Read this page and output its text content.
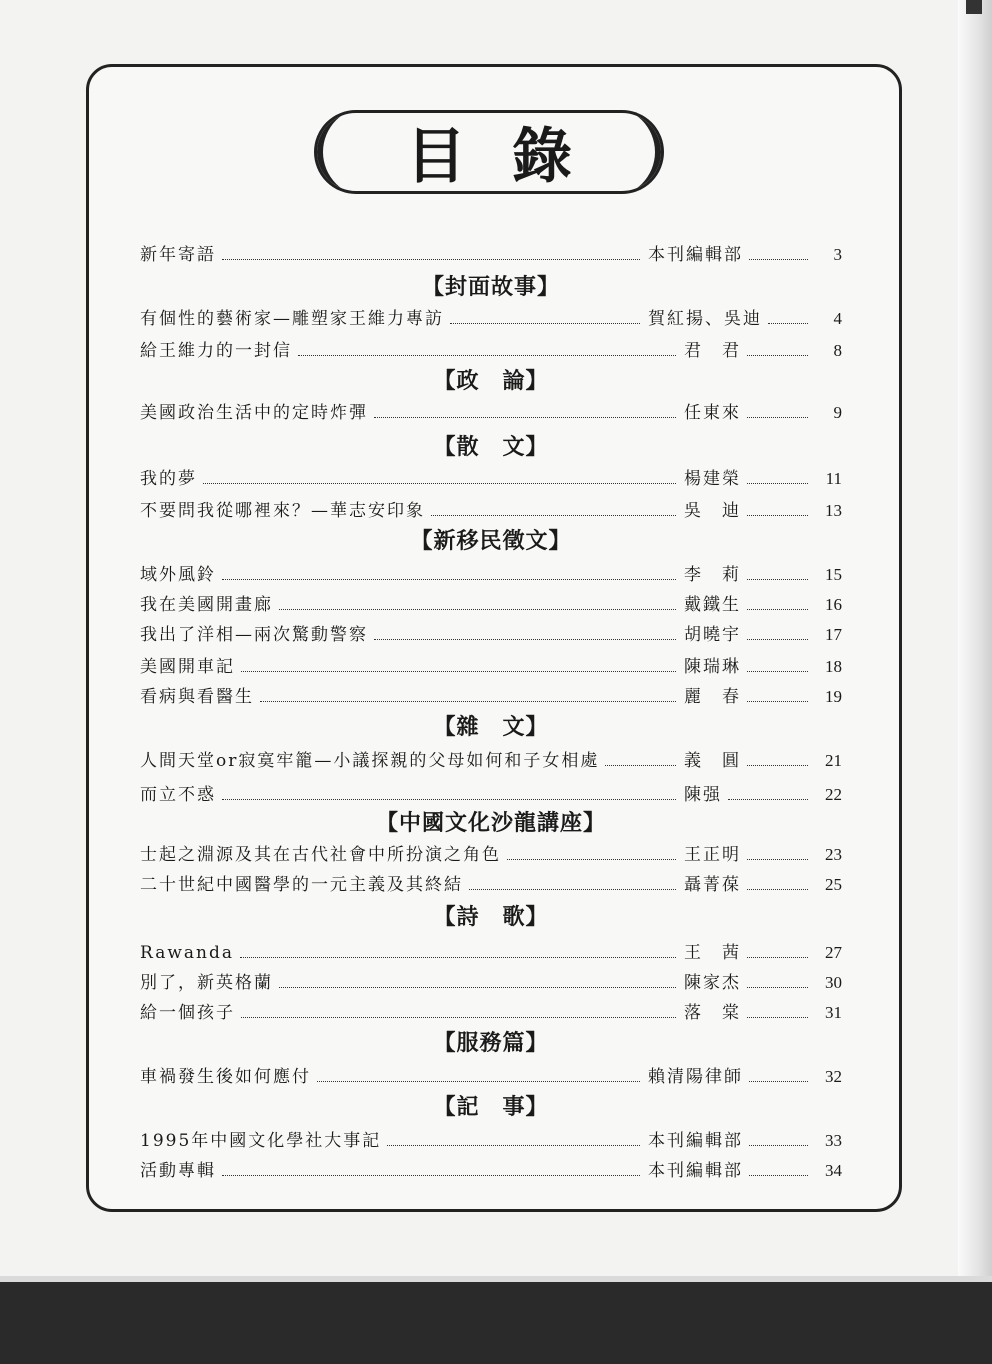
目錄
新年寄語	本刊編輯部	3
【封面故事】
有個性的藝術家—雕塑家王維力專訪	賀紅揚、吳迪	4
給王維力的一封信	君　君	8
【政　論】
美國政治生活中的定時炸彈	任東來	9
【散　文】
我的夢	楊建榮	11
不要問我從哪裡來？—華志安印象	吳　迪	13
【新移民徵文】
域外風鈴	李　莉	15
我在美國開畫廊	戴鐵生	16
我出了洋相—兩次驚動警察	胡曉宇	17
美國開車記	陳瑞琳	18
看病與看醫生	麗　春	19
【雜　文】
人間天堂or寂寞牢籠—小議探親的父母如何和子女相處	義　圓	21
而立不惑	陳强	22
【中國文化沙龍講座】
士起之淵源及其在古代社會中所扮演之角色	王正明	23
二十世紀中國醫學的一元主義及其終結	聶菁葆	25
【詩　歌】
Rawanda	王　茜	27
別了，新英格蘭	陳家杰	30
給一個孩子	落　棠	31
【服務篇】
車禍發生後如何應付	賴清陽律師	32
【記　事】
1995年中國文化學社大事記	本刊編輯部	33
活動專輯	本刊編輯部	34
